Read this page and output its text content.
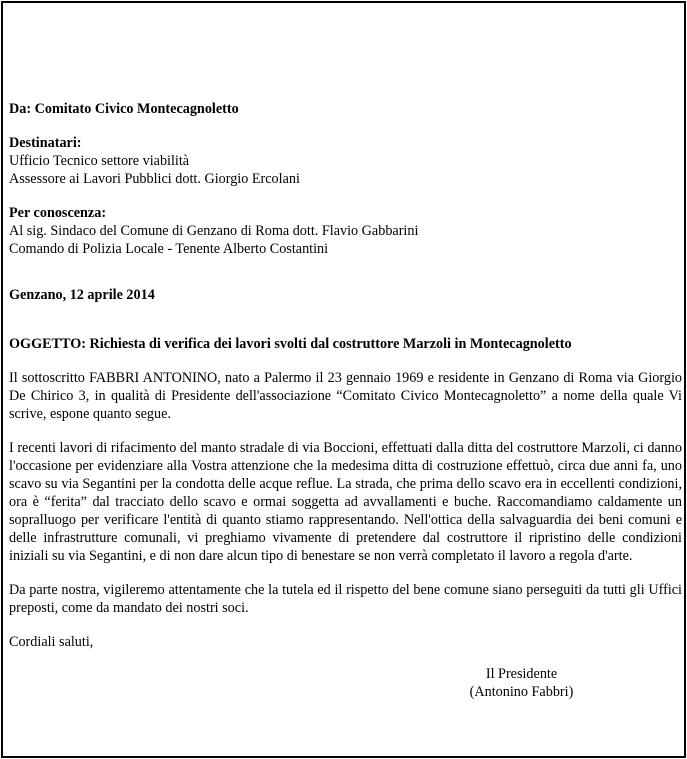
Da: Comitato Civico Montecagnoletto

Destinatari:
Ufficio Tecnico settore viabilità
Assessore ai Lavori Pubblici dott. Giorgio Ercolani
Per conoscenza:
Al sig. Sindaco del Comune di Genzano di Roma dott. Flavio Gabbarini
Comando di Polizia Locale - Tenente Alberto Costantini

Genzano, 12 aprile 2014

OGGETTO: Richiesta di verifica dei lavori svolti dal costruttore Marzoli in Montecagnoletto

Il sottoscritto FABBRI ANTONINO, nato a Palermo il 23 gennaio 1969 e residente in Genzano di Roma via Giorgio De Chirico 3, in qualità di Presidente dell'associazione “Comitato Civico Montecagnoletto” a nome della quale Vi scrive, espone quanto segue.

I recenti lavori di rifacimento del manto stradale di via Boccioni, effettuati dalla ditta del costruttore Marzoli, ci danno l'occasione per evidenziare alla Vostra attenzione che la medesima ditta di costruzione effettuò, circa due anni fa, uno scavo su via Segantini per la condotta delle acque reflue. La strada, che prima dello scavo era in eccellenti condizioni, ora è “ferita” dal tracciato dello scavo e ormai soggetta ad avvallamenti e buche. Raccomandiamo caldamente un sopralluogo per verificare l'entità di quanto stiamo rappresentando. Nell'ottica della salvaguardia dei beni comuni e delle infrastrutture comunali, vi preghiamo vivamente di pretendere dal costruttore il ripristino delle condizioni iniziali su via Segantini, e di non dare alcun tipo di benestare se non verrà completato il lavoro a regola d'arte.

Da parte nostra, vigileremo attentamente che la tutela ed il rispetto del bene comune siano perseguiti da tutti gli Uffici preposti, come da mandato dei nostri soci.

Cordiali saluti,

Il Presidente
(Antonino Fabbri)
